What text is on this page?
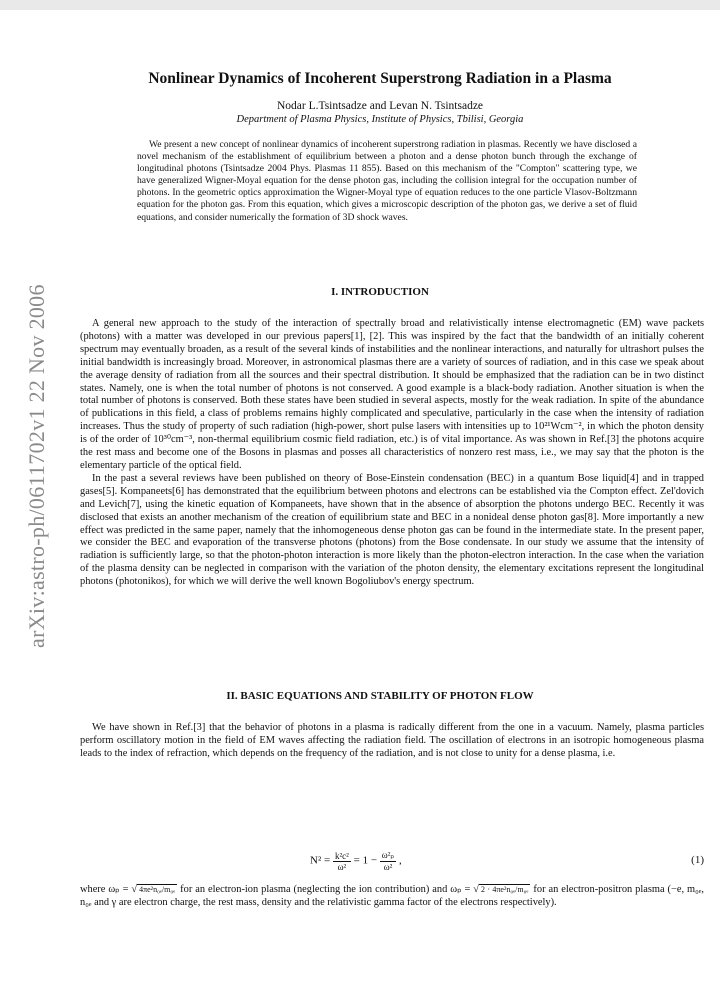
arXiv:astro-ph/0611702v1 22 Nov 2006
Nonlinear Dynamics of Incoherent Superstrong Radiation in a Plasma
Nodar L.Tsintsadze and Levan N. Tsintsadze
Department of Plasma Physics, Institute of Physics, Tbilisi, Georgia
We present a new concept of nonlinear dynamics of incoherent superstrong radiation in plasmas. Recently we have disclosed a novel mechanism of the establishment of equilibrium between a photon and a dense photon bunch through the exchange of longitudinal photons (Tsintsadze 2004 Phys. Plasmas 11 855). Based on this mechanism of the "Compton" scattering type, we have generalized Wigner-Moyal equation for the dense photon gas, including the collision integral for the occupation number of photons. In the geometric optics approximation the Wigner-Moyal type of equation reduces to the one particle Vlasov-Boltzmann equation for the photon gas. From this equation, which gives a microscopic description of the photon gas, we derive a set of fluid equations, and consider numerically the formation of 3D shock waves.
I. INTRODUCTION

A general new approach to the study of the interaction of spectrally broad and relativistically intense electromagnetic (EM) wave packets (photons) with a matter was developed in our previous papers[1], [2]. This was inspired by the fact that the bandwidth of an initially coherent spectrum may eventually broaden, as a result of the several kinds of instabilities and the nonlinear interactions, and naturally for ultrashort pulses the initial bandwidth is increasingly broad. Moreover, in astronomical plasmas there are a variety of sources of radiation, and in this case we speak about the average density of radiation from all the sources and their spectral distribution. It should be emphasized that the radiation can be in two distinct states. Namely, one is when the total number of photons is not conserved. A good example is a black-body radiation. Another situation is when the total number of photons is conserved. Both these states have been studied in several aspects, mostly for the weak radiation. In spite of the abundance of publications in this field, a class of problems remains highly complicated and speculative, particularly in the case when the intensity of radiation increases. Thus the study of property of such radiation (high-power, short pulse lasers with intensities up to 10²¹Wcm⁻², in which the photon density is of the order of 10³⁰cm⁻³, non-thermal equilibrium cosmic field radiation, etc.) is of vital importance. As was shown in Ref.[3] the photons acquire the rest mass and become one of the Bosons in plasmas and posses all characteristics of nonzero rest mass, i.e., we may say that the photon is the elementary particle of the optical field.

In the past a several reviews have been published on theory of Bose-Einstein condensation (BEC) in a quantum Bose liquid[4] and in trapped gases[5]. Kompaneets[6] has demonstrated that the equilibrium between photons and electrons can be established via the Compton effect. Zel'dovich and Levich[7], using the kinetic equation of Kompaneets, have shown that in the absence of absorption the photons undergo BEC. Recently it was disclosed that exists an another mechanism of the creation of equilibrium state and BEC in a nonideal dense photon gas[8]. More importantly a new effect was predicted in the same paper, namely that the inhomogeneous dense photon gas can be found in the intermediate state. In the present paper, we consider the BEC and evaporation of the transverse photons (photons) from the Bose condensate. In our study we assume that the intensity of radiation is sufficiently large, so that the photon-photon interaction is more likely than the photon-electron interaction. In the case when the variation of the plasma density can be neglected in comparison with the variation of the photon density, the elementary excitations represent the longitudinal photons (photonikos), for which we will derive the well known Bogoliubov's energy spectrum.

II. BASIC EQUATIONS AND STABILITY OF PHOTON FLOW

We have shown in Ref.[3] that the behavior of photons in a plasma is radically different from the one in a vacuum. Namely, plasma particles perform oscillatory motion in the field of EM waves affecting the radiation field. The oscillation of electrons in an isotropic homogeneous plasma leads to the index of refraction, which depends on the frequency of the radiation, and is not close to unity for a dense plasma, i.e.

$N^2 = \frac{\text{k²c²}}{\text{ω²}} = 1 - \frac{\text{ω²ₚ}}{\text{ω²}}$ ,	(1)
where ωₚ = √ 4πe²n₀ₑ/m₀ₑ for an electron-ion plasma (neglecting the ion contribution) and ωₚ = √ 2 · 4πe²n₀ₑ/m₀ₑ for an electron-positron plasma (−e, m₀ₑ, n₀ₑ and γ are electron charge, the rest mass, density and the relativistic gamma factor of the electrons respectively).
